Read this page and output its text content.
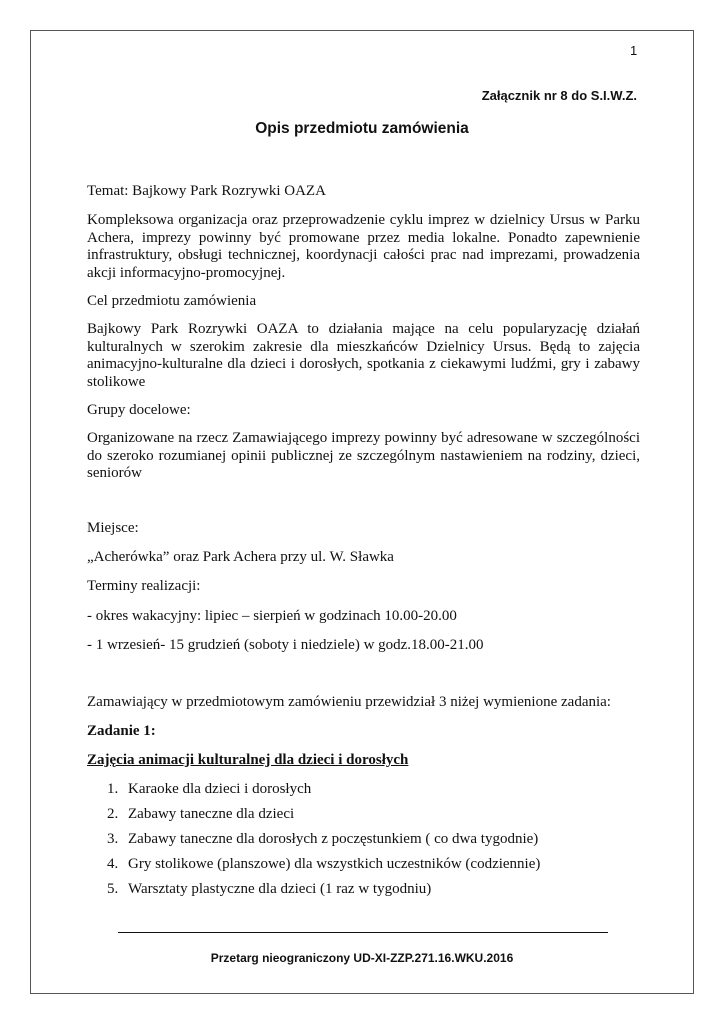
1
Załącznik nr 8 do S.I.W.Z.
Opis przedmiotu zamówienia
Temat: Bajkowy Park Rozrywki OAZA
Kompleksowa organizacja oraz przeprowadzenie cyklu imprez w dzielnicy Ursus w Parku Achera, imprezy powinny być promowane przez media lokalne. Ponadto zapewnienie infrastruktury, obsługi technicznej, koordynacji całości prac nad imprezami, prowadzenia akcji informacyjno-promocyjnej.
Cel przedmiotu zamówienia
Bajkowy Park Rozrywki OAZA to działania mające na celu popularyzację działań kulturalnych w szerokim zakresie dla mieszkańców Dzielnicy Ursus. Będą to zajęcia animacyjno-kulturalne dla dzieci i dorosłych, spotkania z ciekawymi ludźmi, gry i zabawy stolikowe
Grupy docelowe:
Organizowane na rzecz Zamawiającego imprezy powinny być adresowane w szczególności do szeroko rozumianej opinii publicznej ze szczególnym nastawieniem na rodziny, dzieci, seniorów
Miejsce:
„Acherówka” oraz Park Achera przy ul. W. Sławka
Terminy realizacji:
- okres wakacyjny: lipiec – sierpień w godzinach 10.00-20.00
- 1 wrzesień- 15 grudzień (soboty i niedziele) w godz.18.00-21.00
Zamawiający w przedmiotowym zamówieniu przewidział 3 niżej wymienione zadania:
Zadanie 1:
Zajęcia animacji kulturalnej dla dzieci i dorosłych
1. Karaoke dla dzieci i dorosłych
2. Zabawy taneczne dla dzieci
3. Zabawy taneczne dla dorosłych z poczęstunkiem ( co dwa tygodnie)
4. Gry stolikowe (planszowe) dla wszystkich uczestników (codziennie)
5. Warsztaty plastyczne dla dzieci (1 raz w tygodniu)
Przetarg nieograniczony UD-XI-ZZP.271.16.WKU.2016
